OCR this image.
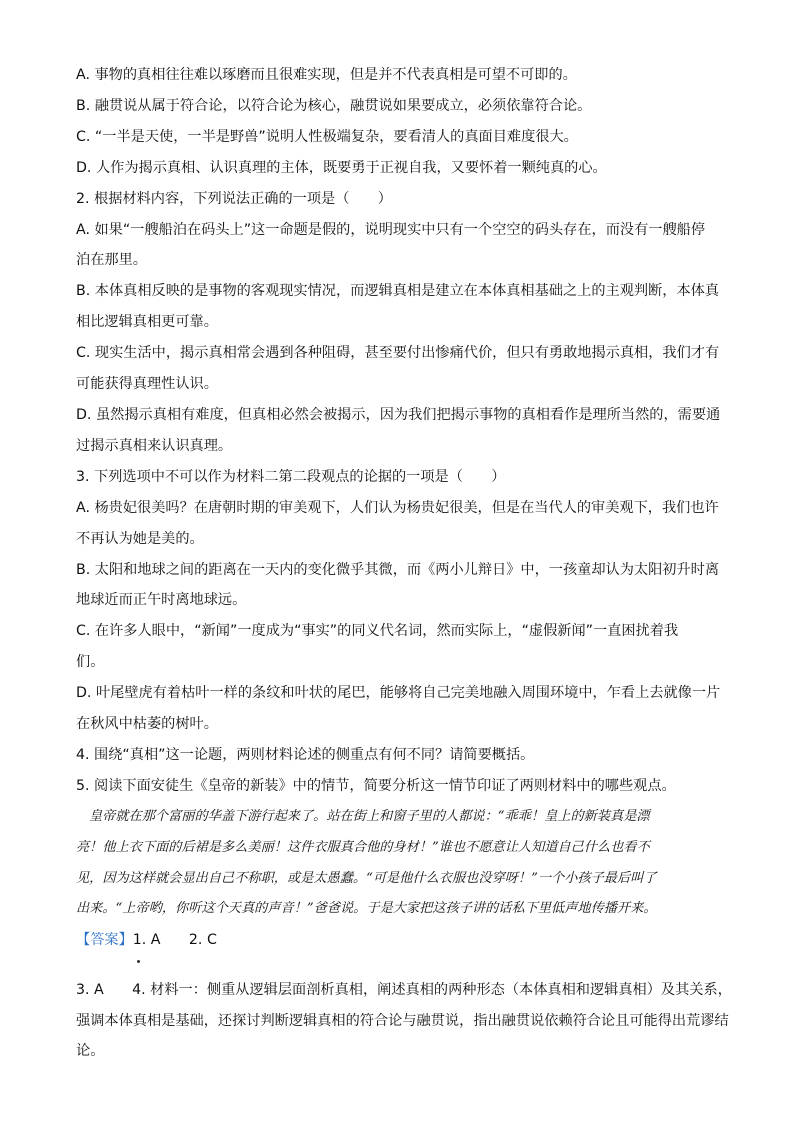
A. 事物的真相往往难以琢磨而且很难实现，但是并不代表真相是可望不可即的。
B. 融贯说从属于符合论，以符合论为核心，融贯说如果要成立，必须依靠符合论。
C. “一半是天使，一半是野兽”说明人性极端复杂，要看清人的真面目难度很大。
D. 人作为揭示真相、认识真理的主体，既要勇于正视自我，又要怀着一颗纯真的心。
2. 根据材料内容，下列说法正确的一项是（　　）
A. 如果“一艘船泊在码头上”这一命题是假的，说明现实中只有一个空空的码头存在，而没有一艘船停
泊在那里。
B. 本体真相反映的是事物的客观现实情况，而逻辑真相是建立在本体真相基础之上的主观判断，本体真
相比逻辑真相更可靠。
C. 现实生活中，揭示真相常会遇到各种阻碍，甚至要付出惨痛代价，但只有勇敢地揭示真相，我们才有
可能获得真理性认识。
D. 虽然揭示真相有难度，但真相必然会被揭示，因为我们把揭示事物的真相看作是理所当然的，需要通
过揭示真相来认识真理。
3. 下列选项中不可以作为材料二第二段观点的论据的一项是（　　）
A. 杨贵妃很美吗？在唐朝时期的审美观下，人们认为杨贵妃很美，但是在当代人的审美观下，我们也许
不再认为她是美的。
B. 太阳和地球之间的距离在一天内的变化微乎其微，而《两小儿辩日》中，一孩童却认为太阳初升时离
地球近而正午时离地球远。
C. 在许多人眼中，“新闻”一度成为“事实”的同义代名词，然而实际上，“虚假新闻”一直困扰着我
们。
D. 叶尾壁虎有着枯叶一样的条纹和叶状的尾巴，能够将自己完美地融入周围环境中，乍看上去就像一片
在秋风中枯萎的树叶。
4. 围绕“真相”这一论题，两则材料论述的侧重点有何不同？请简要概括。
5. 阅读下面安徒生《皇帝的新装》中的情节，简要分析这一情节印证了两则材料中的哪些观点。
皇帝就在那个富丽的华盖下游行起来了。站在街上和窗子里的人都说：“乖乖！皇上的新装真是漂
亮！他上衣下面的后裙是多么美丽！这件衣服真合他的身材！”谁也不愿意让人知道自己什么也看不
见，因为这样就会显出自己不称职，或是太愚蠢。“可是他什么衣服也没穿呀！”一个小孩子最后叫了
出来。“上帝哟，你听这个天真的声音！”爸爸说。于是大家把这孩子讲的话私下里低声地传播开来。
【答案】1. A　　2. C
3. A　　4. 材料一：侧重从逻辑层面剖析真相，阐述真相的两种形态（本体真相和逻辑真相）及其关系，
强调本体真相是基础，还探讨判断逻辑真相的符合论与融贯说，指出融贯说依赖符合论且可能得出荒谬结
论。
